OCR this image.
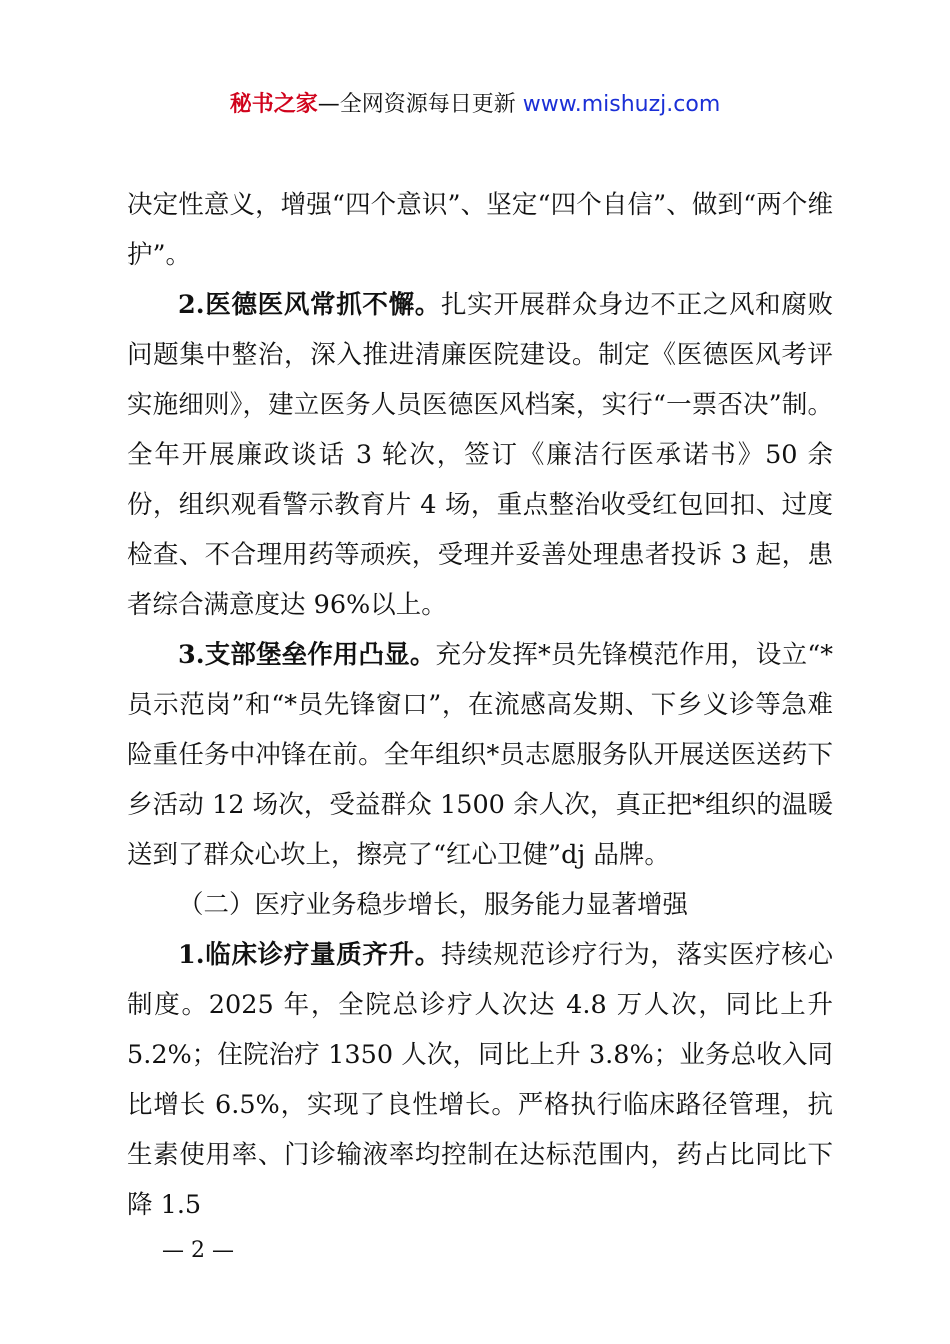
秘书之家—全网资源每日更新 www.mishuzj.com

决定性意义，增强“四个意识”、坚定“四个自信”、做到“两个维护”。

2.医德医风常抓不懈。扎实开展群众身边不正之风和腐败问题集中整治，深入推进清廉医院建设。制定《医德医风考评实施细则》，建立医务人员医德医风档案，实行“一票否决”制。全年开展廉政谈话 3 轮次，签订《廉洁行医承诺书》50 余份，组织观看警示教育片 4 场，重点整治收受红包回扣、过度检查、不合理用药等顽疾，受理并妥善处理患者投诉 3 起，患者综合满意度达 96%以上。

3.支部堡垒作用凸显。充分发挥*员先锋模范作用，设立“*员示范岗”和“*员先锋窗口”，在流感高发期、下乡义诊等急难险重任务中冲锋在前。全年组织*员志愿服务队开展送医送药下乡活动 12 场次，受益群众 1500 余人次，真正把*组织的温暖送到了群众心坎上，擦亮了“红心卫健”dj 品牌。

（二）医疗业务稳步增长，服务能力显著增强

1.临床诊疗量质齐升。持续规范诊疗行为，落实医疗核心制度。2025 年，全院总诊疗人次达 4.8 万人次，同比上升 5.2%；住院治疗 1350 人次，同比上升 3.8%；业务总收入同比增长 6.5%，实现了良性增长。严格执行临床路径管理，抗生素使用率、门诊输液率均控制在达标范围内，药占比同比下降 1.5

— 2 —
